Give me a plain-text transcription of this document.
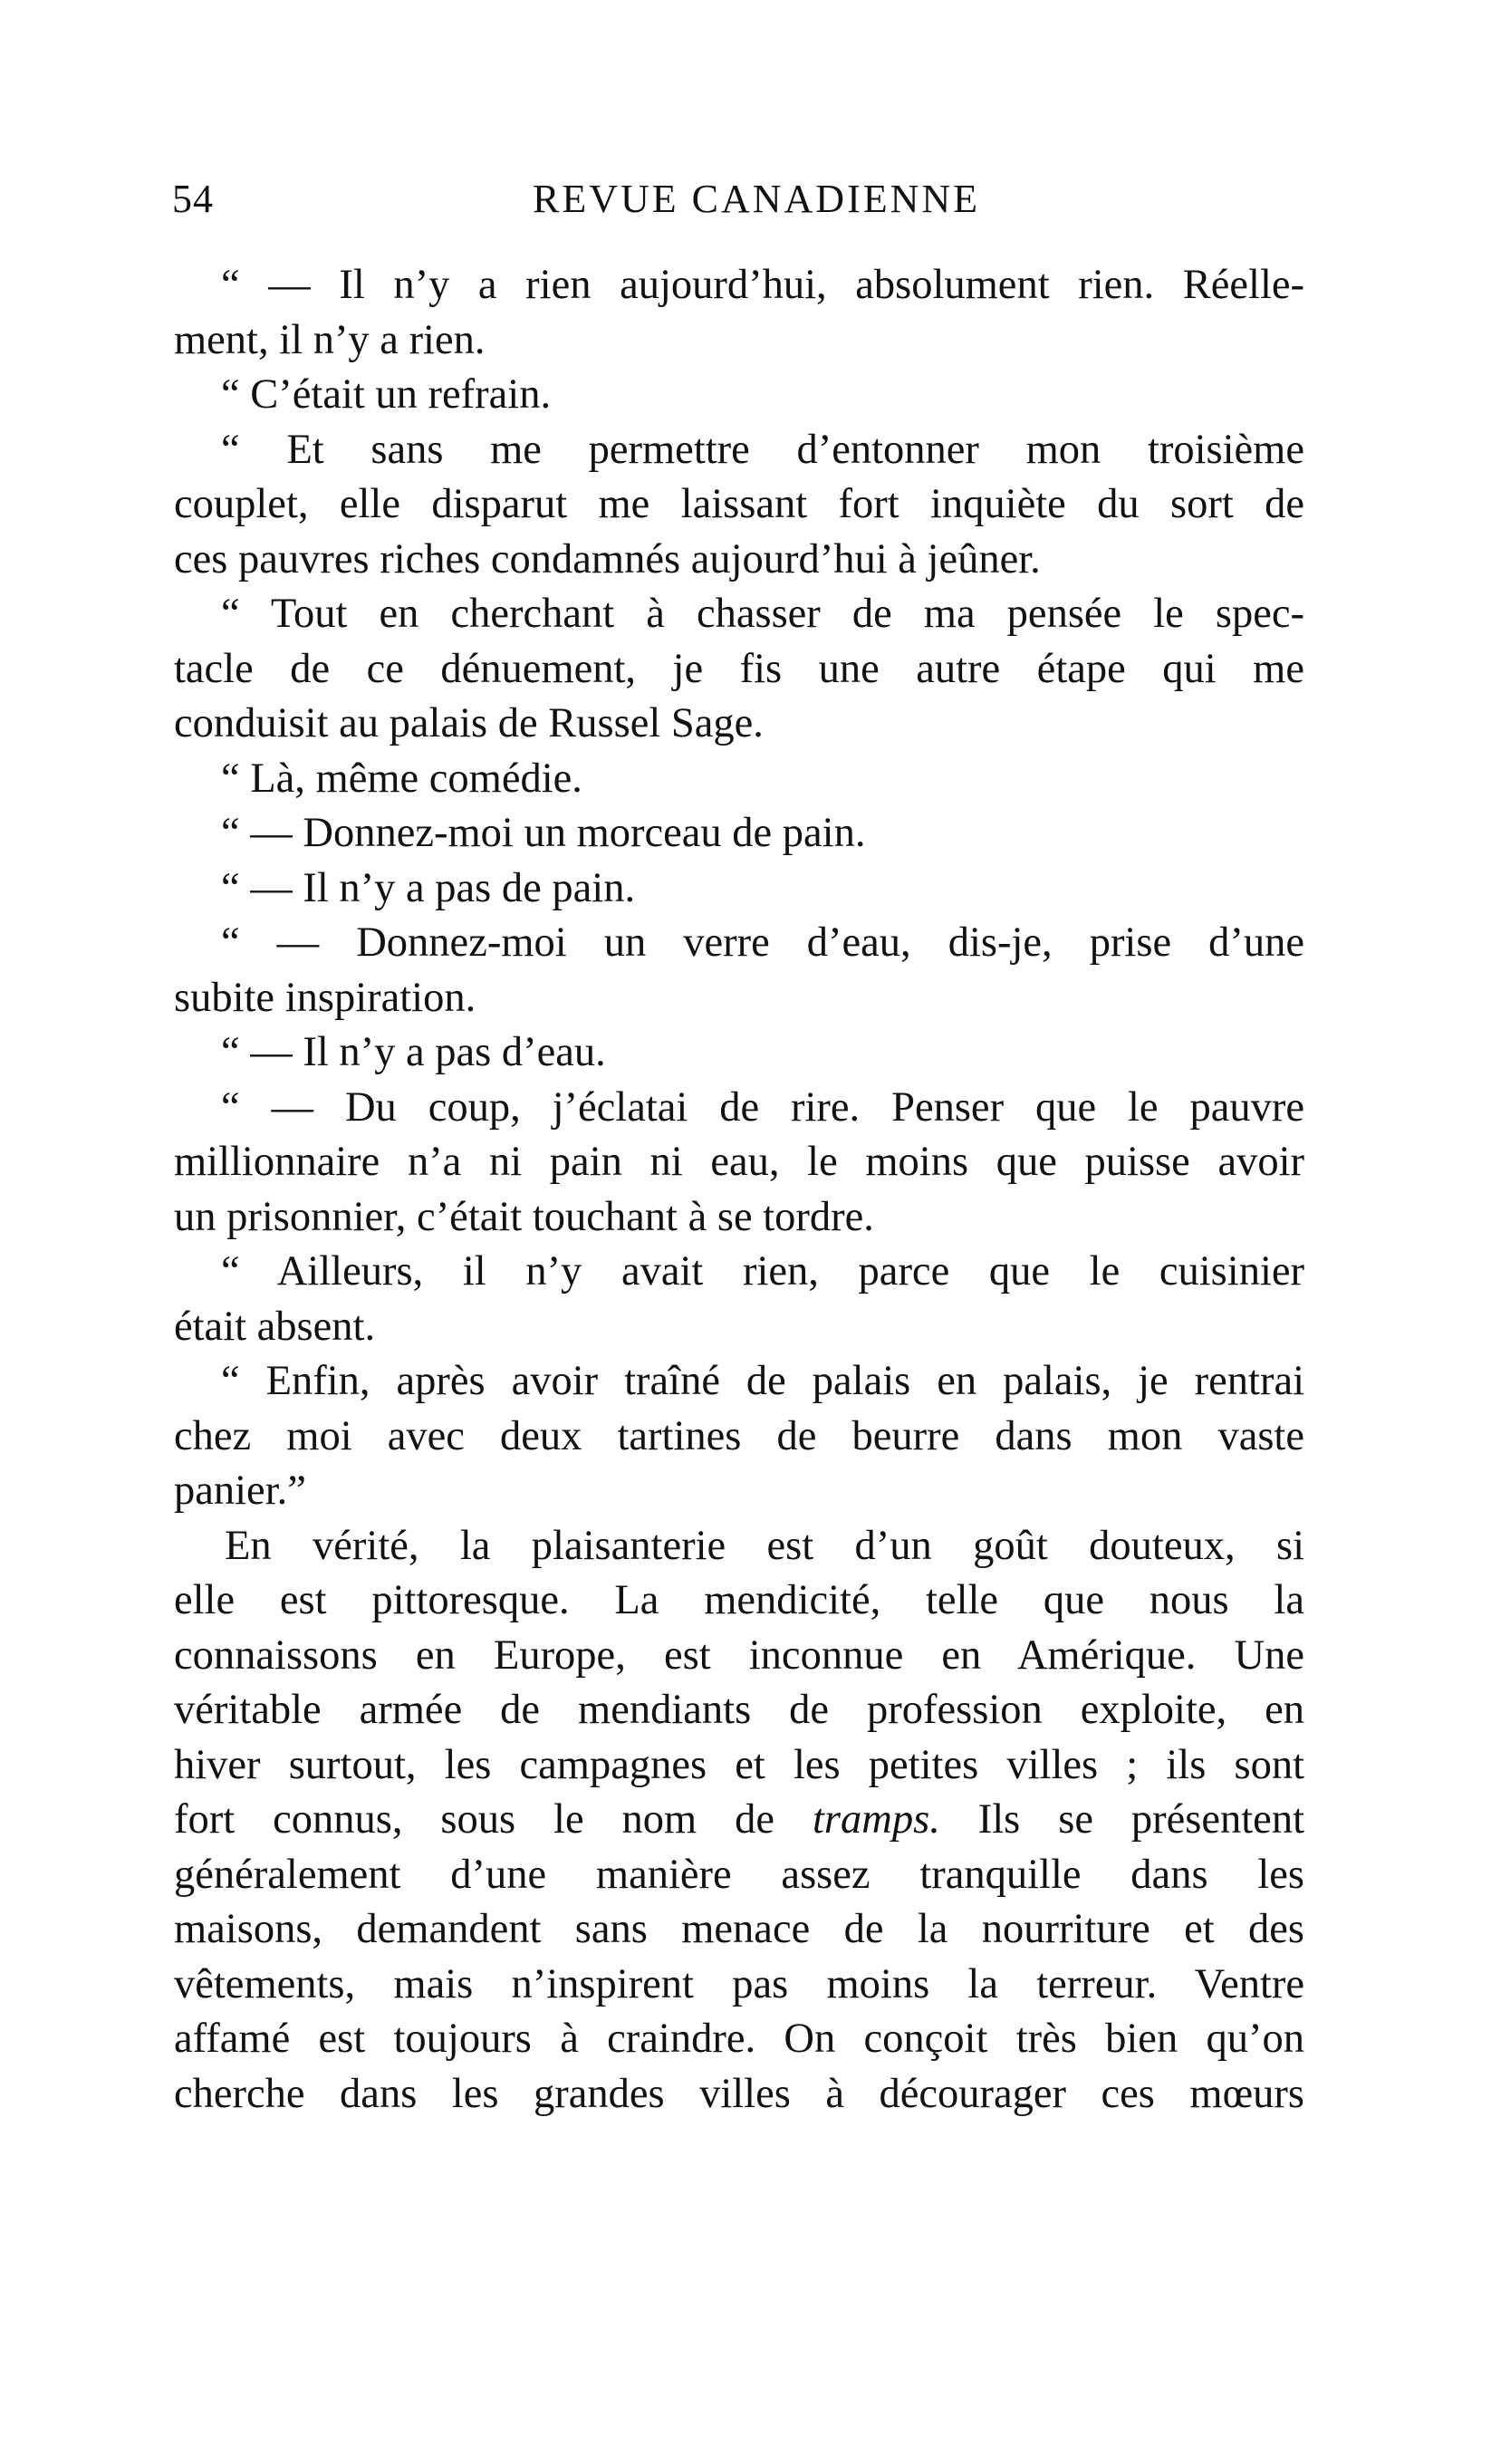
54	REVUE CANADIENNE
“ — Il n’y a rien aujourd’hui, absolument rien. Réelle-
ment, il n’y a rien.
“ C’était un refrain.
“ Et sans me permettre d’entonner mon troisième
couplet, elle disparut me laissant fort inquiète du sort de
ces pauvres riches condamnés aujourd’hui à jeûner.
“ Tout en cherchant à chasser de ma pensée le spec-
tacle de ce dénuement, je fis une autre étape qui me
conduisit au palais de Russel Sage.
“ Là, même comédie.
“ — Donnez-moi un morceau de pain.
“ — Il n’y a pas de pain.
“ — Donnez-moi un verre d’eau, dis-je, prise d’une
subite inspiration.
“ — Il n’y a pas d’eau.
“ — Du coup, j’éclatai de rire. Penser que le pauvre
millionnaire n’a ni pain ni eau, le moins que puisse avoir
un prisonnier, c’était touchant à se tordre.
“ Ailleurs, il n’y avait rien, parce que le cuisinier
était absent.
“ Enfin, après avoir traîné de palais en palais, je rentrai
chez moi avec deux tartines de beurre dans mon vaste
panier.”
En vérité, la plaisanterie est d’un goût douteux, si
elle est pittoresque. La mendicité, telle que nous la
connaissons en Europe, est inconnue en Amérique. Une
véritable armée de mendiants de profession exploite, en
hiver surtout, les campagnes et les petites villes ; ils sont
fort connus, sous le nom de tramps. Ils se présentent
généralement d’une manière assez tranquille dans les
maisons, demandent sans menace de la nourriture et des
vêtements, mais n’inspirent pas moins la terreur. Ventre
affamé est toujours à craindre. On conçoit très bien qu’on
cherche dans les grandes villes à décourager ces mœurs
